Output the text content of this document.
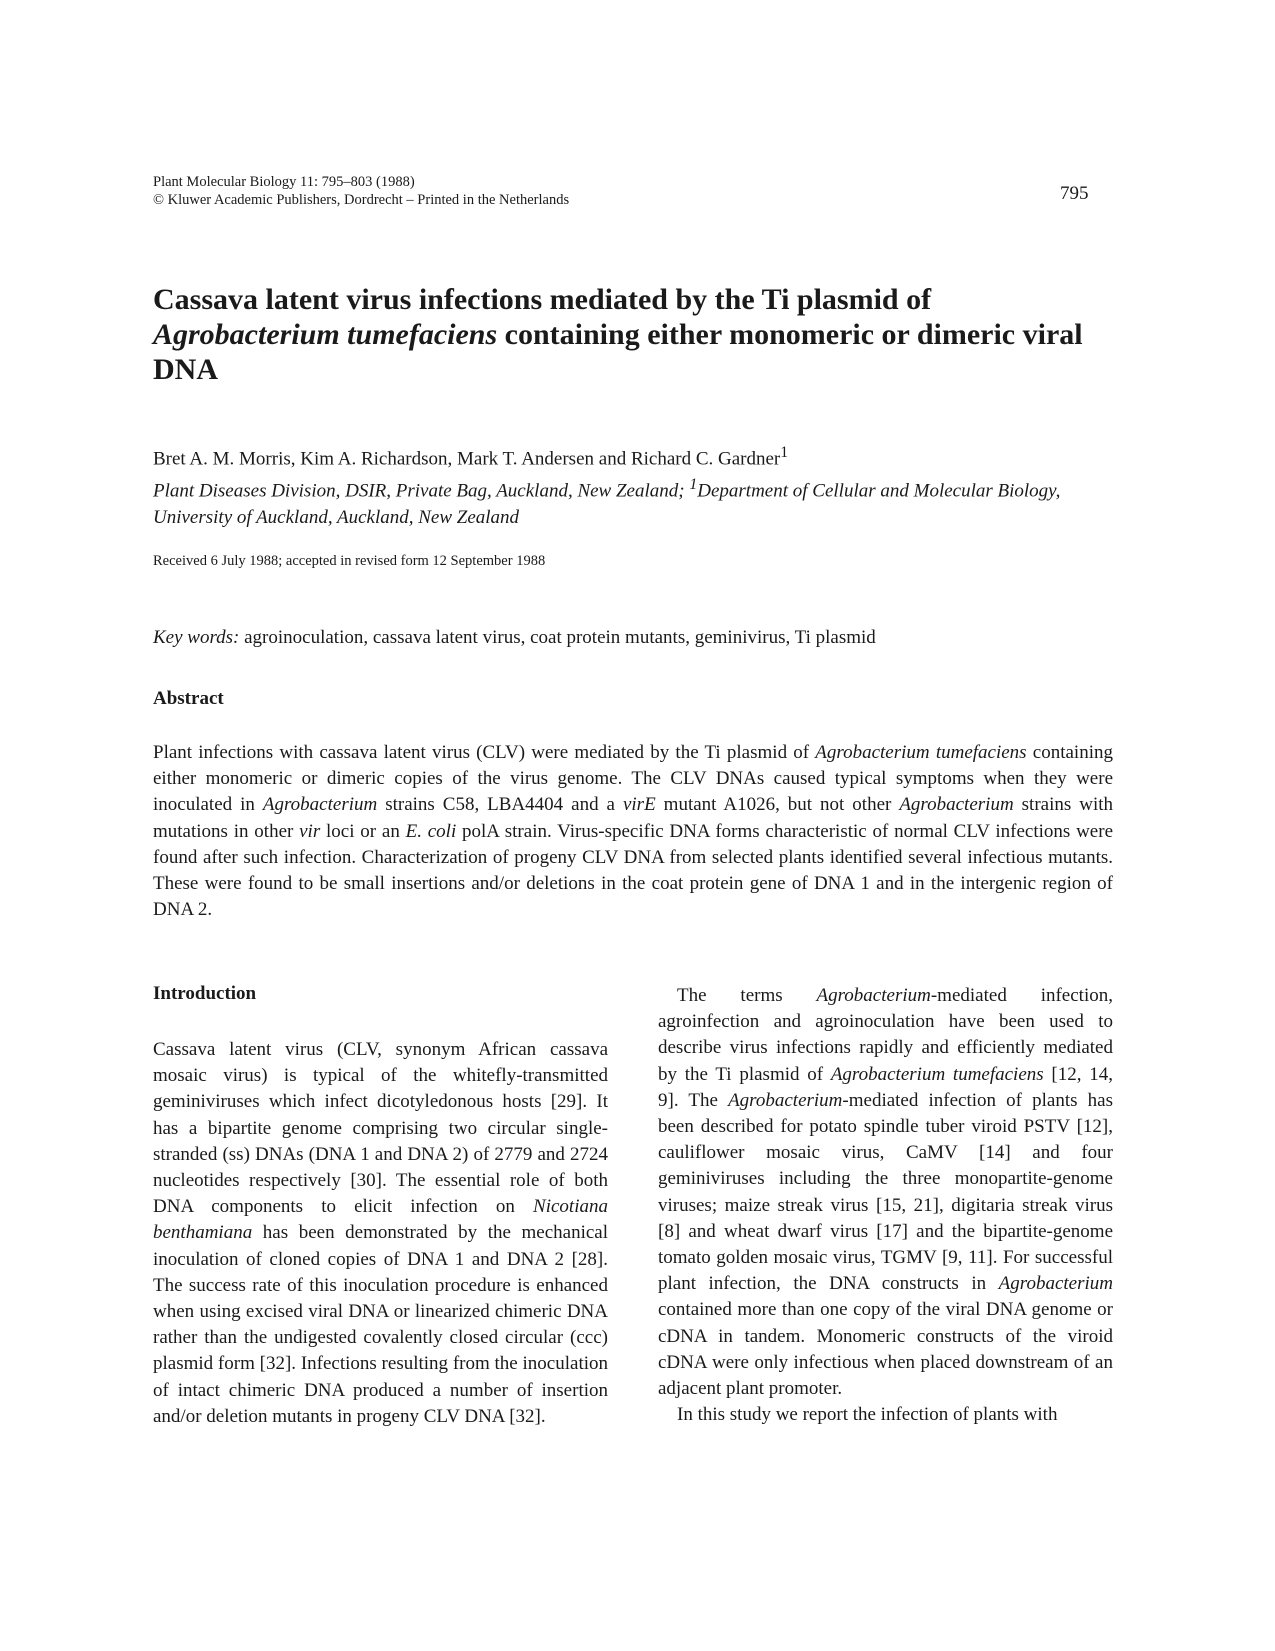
Plant Molecular Biology 11: 795–803 (1988)
© Kluwer Academic Publishers, Dordrecht – Printed in the Netherlands	795
Cassava latent virus infections mediated by the Ti plasmid of Agrobacterium tumefaciens containing either monomeric or dimeric viral DNA
Bret A. M. Morris, Kim A. Richardson, Mark T. Andersen and Richard C. Gardner$^1$
Plant Diseases Division, DSIR, Private Bag, Auckland, New Zealand; $^1$Department of Cellular and Molecular Biology, University of Auckland, Auckland, New Zealand
Received 6 July 1988; accepted in revised form 12 September 1988
Key words: agroinoculation, cassava latent virus, coat protein mutants, geminivirus, Ti plasmid
Abstract
Plant infections with cassava latent virus (CLV) were mediated by the Ti plasmid of Agrobacterium tumefaciens containing either monomeric or dimeric copies of the virus genome. The CLV DNAs caused typical symptoms when they were inoculated in Agrobacterium strains C58, LBA4404 and a virE mutant A1026, but not other Agrobacterium strains with mutations in other vir loci or an E. coli polA strain. Virus-specific DNA forms characteristic of normal CLV infections were found after such infection. Characterization of progeny CLV DNA from selected plants identified several infectious mutants. These were found to be small insertions and/or deletions in the coat protein gene of DNA 1 and in the intergenic region of DNA 2.
Introduction

Cassava latent virus (CLV, synonym African cassava mosaic virus) is typical of the whitefly-transmitted geminiviruses which infect dicotyledonous hosts [29]. It has a bipartite genome comprising two circular single-stranded (ss) DNAs (DNA 1 and DNA 2) of 2779 and 2724 nucleotides respectively [30]. The essential role of both DNA components to elicit infection on Nicotiana benthamiana has been demonstrated by the mechanical inoculation of cloned copies of DNA 1 and DNA 2 [28]. The success rate of this inoculation procedure is enhanced when using excised viral DNA or linearized chimeric DNA rather than the undigested covalently closed circular (ccc) plasmid form [32]. Infections resulting from the inoculation of intact chimeric DNA produced a number of insertion and/or deletion mutants in progeny CLV DNA [32].

The terms Agrobacterium-mediated infection, agroinfection and agroinoculation have been used to describe virus infections rapidly and efficiently mediated by the Ti plasmid of Agrobacterium tumefaciens [12, 14, 9]. The Agrobacterium-mediated infection of plants has been described for potato spindle tuber viroid PSTV [12], cauliflower mosaic virus, CaMV [14] and four geminiviruses including the three monopartite-genome viruses; maize streak virus [15, 21], digitaria streak virus [8] and wheat dwarf virus [17] and the bipartite-genome tomato golden mosaic virus, TGMV [9, 11]. For successful plant infection, the DNA constructs in Agrobacterium contained more than one copy of the viral DNA genome or cDNA in tandem. Monomeric constructs of the viroid cDNA were only infectious when placed downstream of an adjacent plant promoter.

In this study we report the infection of plants with
